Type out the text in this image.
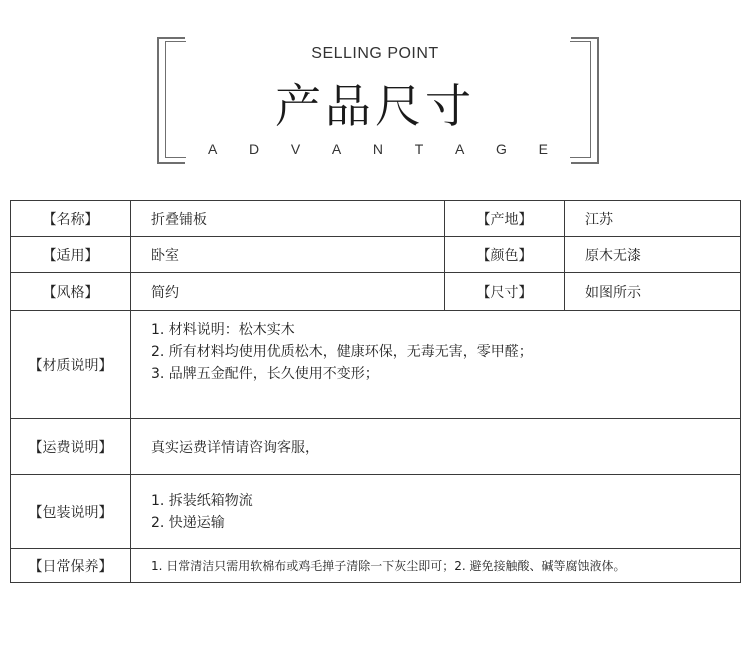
SELLING POINT
产品尺寸
A D V A N T A G E
【名称】	折叠铺板	【产地】	江苏
【适用】	卧室	【颜色】	原木无漆
【风格】	简约	【尺寸】	如图所示
【材质说明】	1. 材料说明：松木实木
2. 所有材料均使用优质松木，健康环保，无毒无害，零甲醛；
3. 品牌五金配件，长久使用不变形；		

【运费说明】	真实运费详情请咨询客服，		
【包装说明】	1. 拆装纸箱物流
2. 快递运输		

【日常保养】	1. 日常清洁只需用软棉布或鸡毛掸子清除一下灰尘即可；2. 避免接触酸、碱等腐蚀液体。		
